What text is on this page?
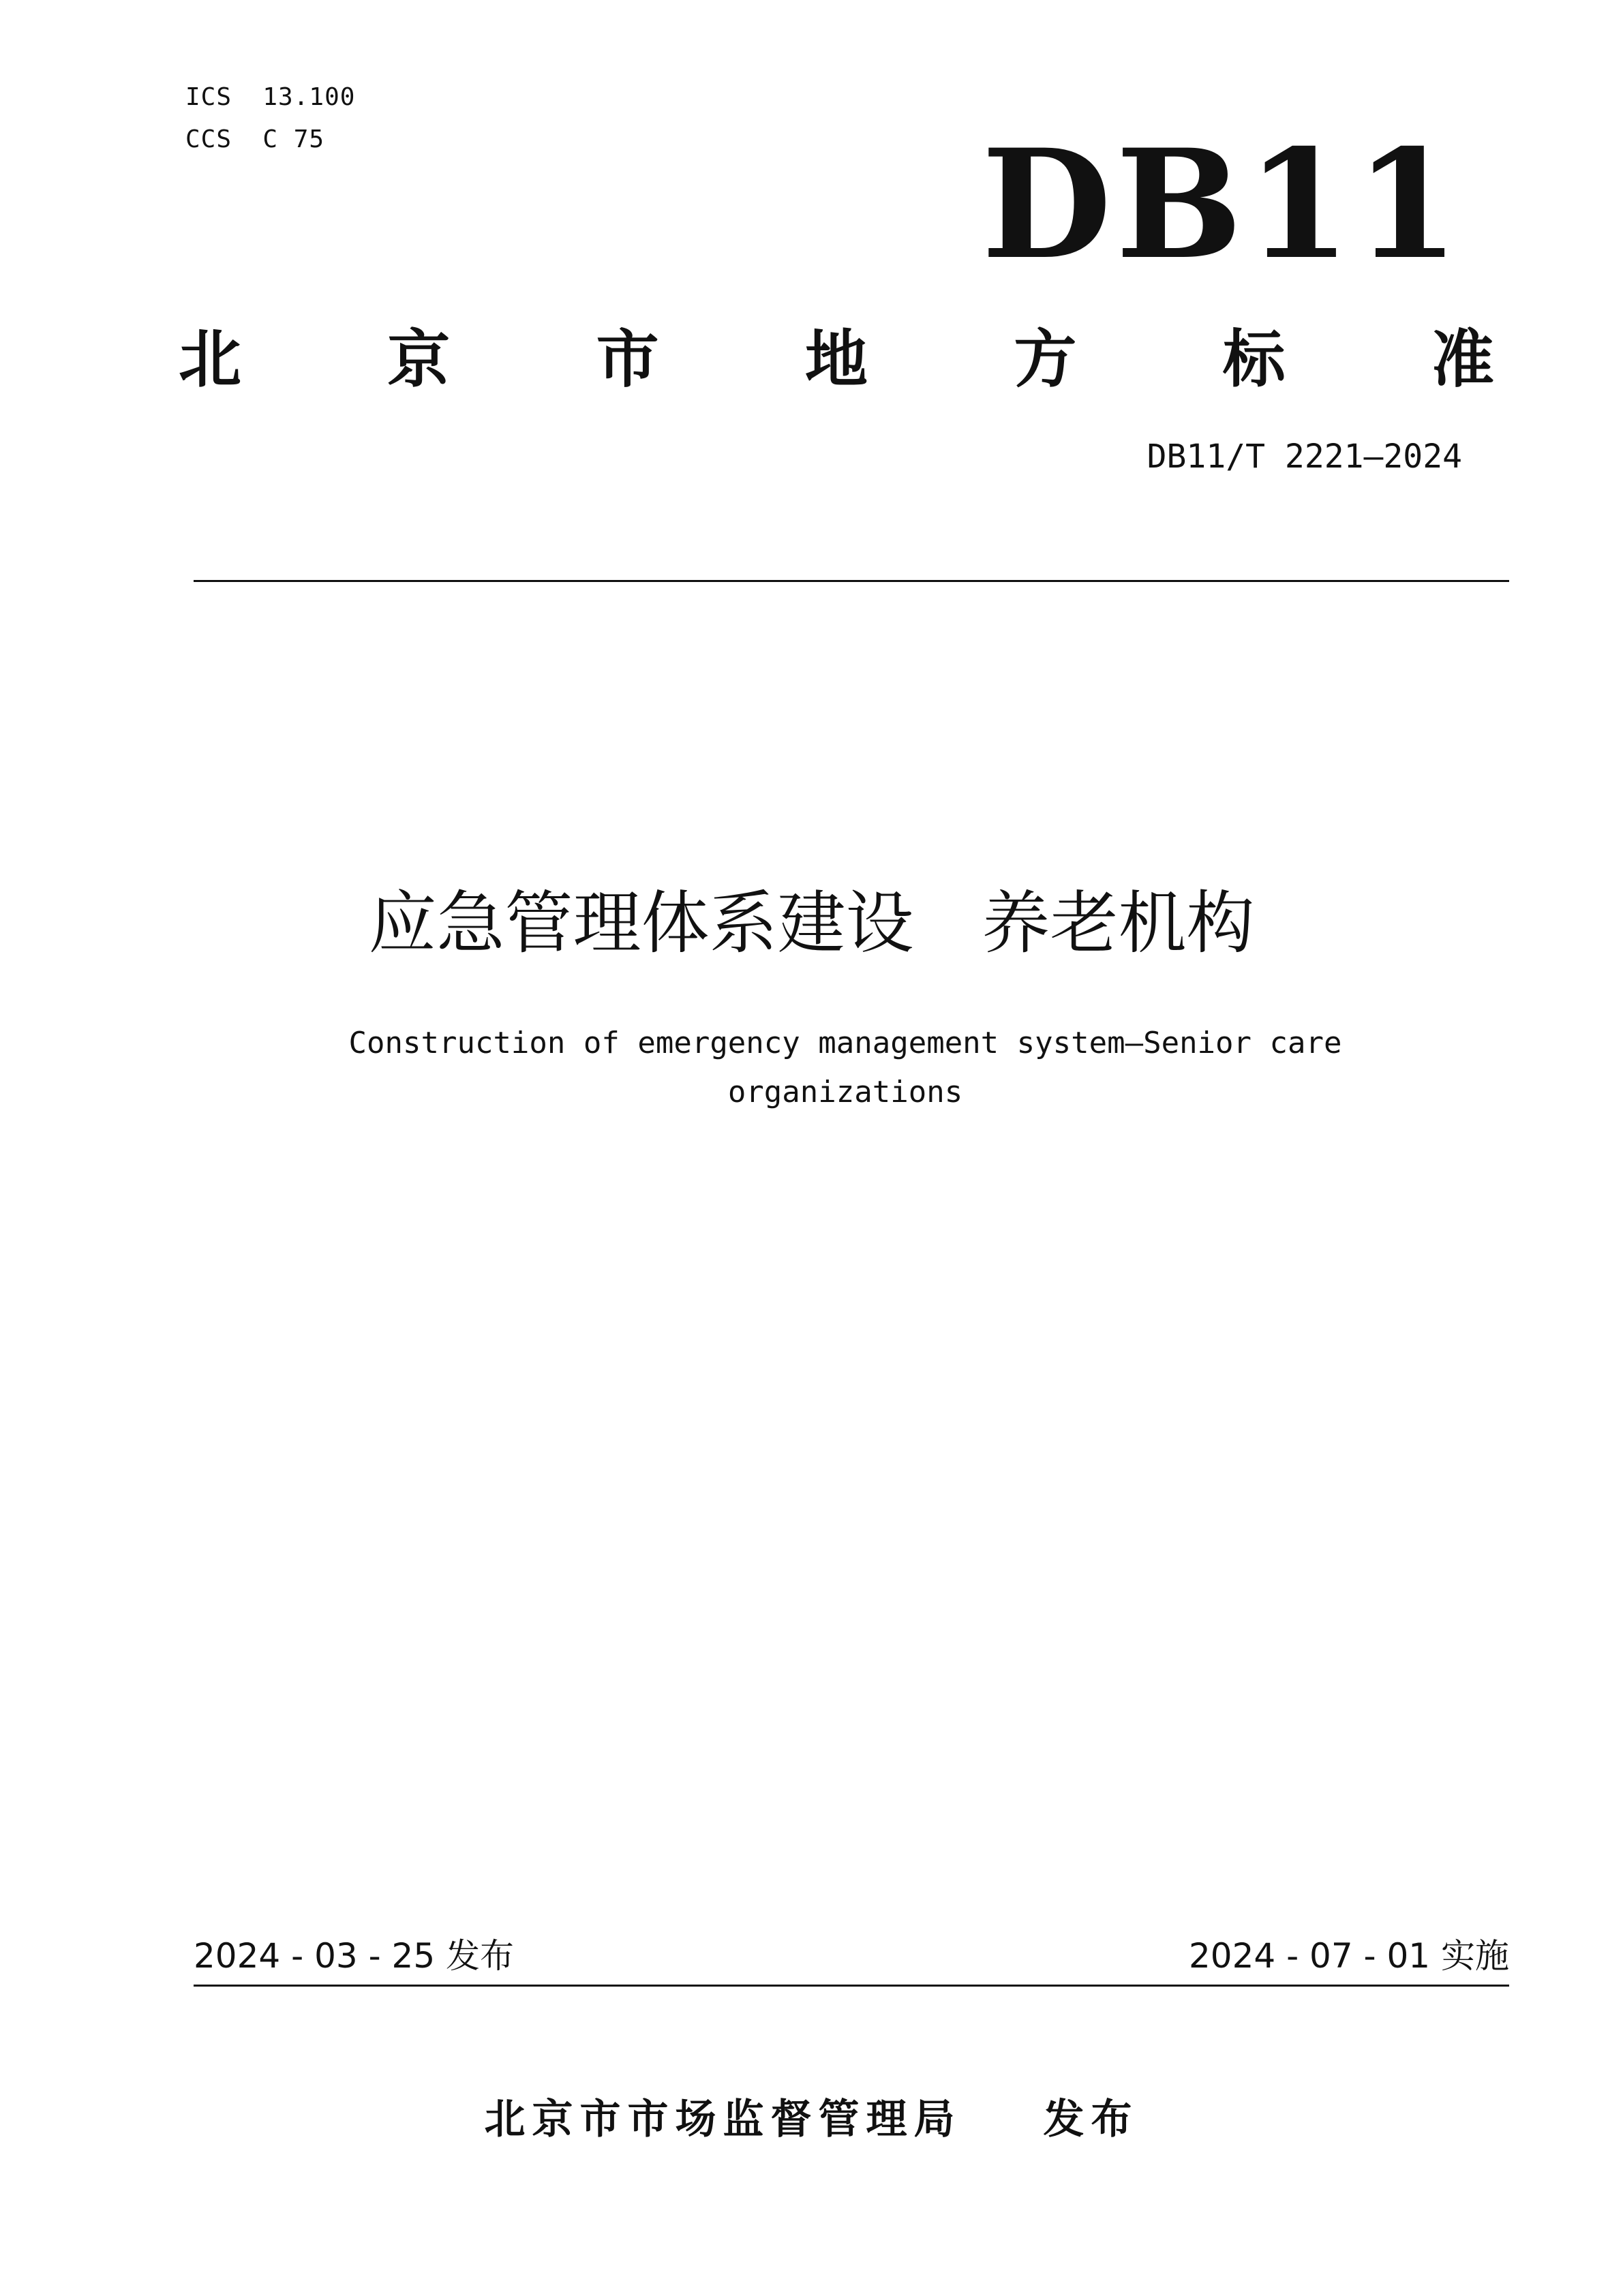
ICS  13.100
CCS  C 75	DB11
北 京 市 地 方 标 准
DB11/T 2221—2024
应急管理体系建设　养老机构
Construction of emergency management system—Senior care
organizations
2024 - 03 - 25 发布	2024 - 07 - 01 实施
北京市市场监督管理局 发布
